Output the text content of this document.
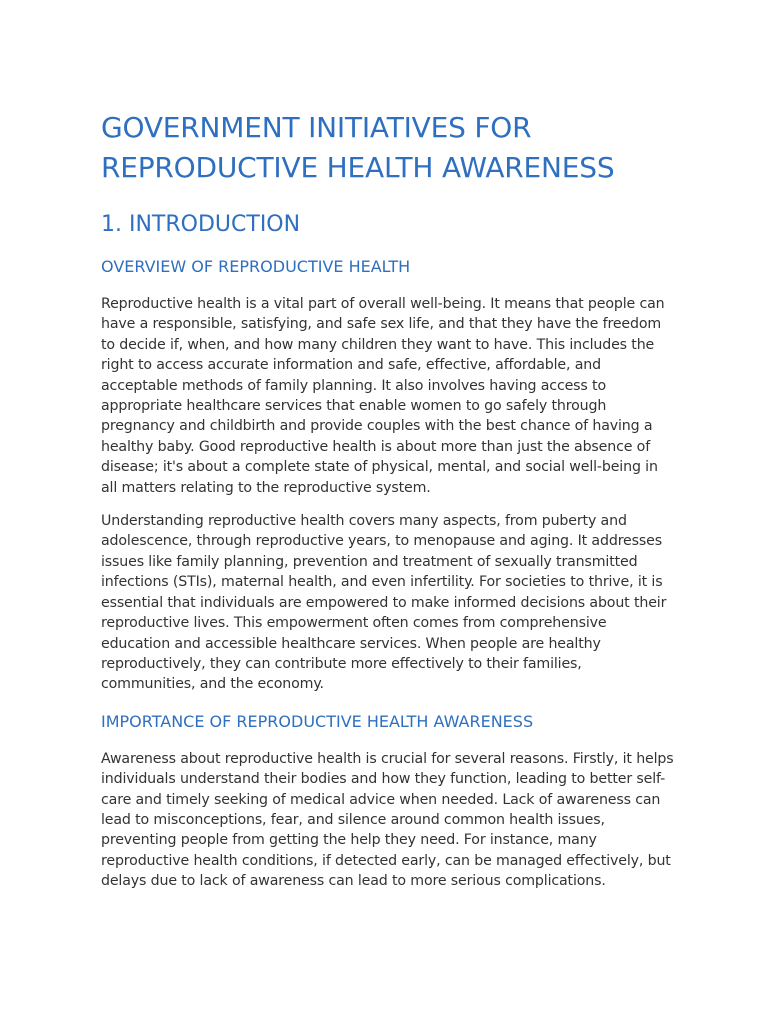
GOVERNMENT INITIATIVES FOR REPRODUCTIVE HEALTH AWARENESS
1. INTRODUCTION
OVERVIEW OF REPRODUCTIVE HEALTH

Reproductive health is a vital part of overall well-being. It means that people can have a responsible, satisfying, and safe sex life, and that they have the freedom to decide if, when, and how many children they want to have. This includes the right to access accurate information and safe, effective, affordable, and acceptable methods of family planning. It also involves having access to appropriate healthcare services that enable women to go safely through pregnancy and childbirth and provide couples with the best chance of having a healthy baby. Good reproductive health is about more than just the absence of disease; it's about a complete state of physical, mental, and social well-being in all matters relating to the reproductive system.

Understanding reproductive health covers many aspects, from puberty and adolescence, through reproductive years, to menopause and aging. It addresses issues like family planning, prevention and treatment of sexually transmitted infections (STIs), maternal health, and even infertility. For societies to thrive, it is essential that individuals are empowered to make informed decisions about their reproductive lives. This empowerment often comes from comprehensive education and accessible healthcare services. When people are healthy reproductively, they can contribute more effectively to their families, communities, and the economy.

IMPORTANCE OF REPRODUCTIVE HEALTH AWARENESS

Awareness about reproductive health is crucial for several reasons. Firstly, it helps individuals understand their bodies and how they function, leading to better self-care and timely seeking of medical advice when needed. Lack of awareness can lead to misconceptions, fear, and silence around common health issues, preventing people from getting the help they need. For instance, many reproductive health conditions, if detected early, can be managed effectively, but delays due to lack of awareness can lead to more serious complications.
